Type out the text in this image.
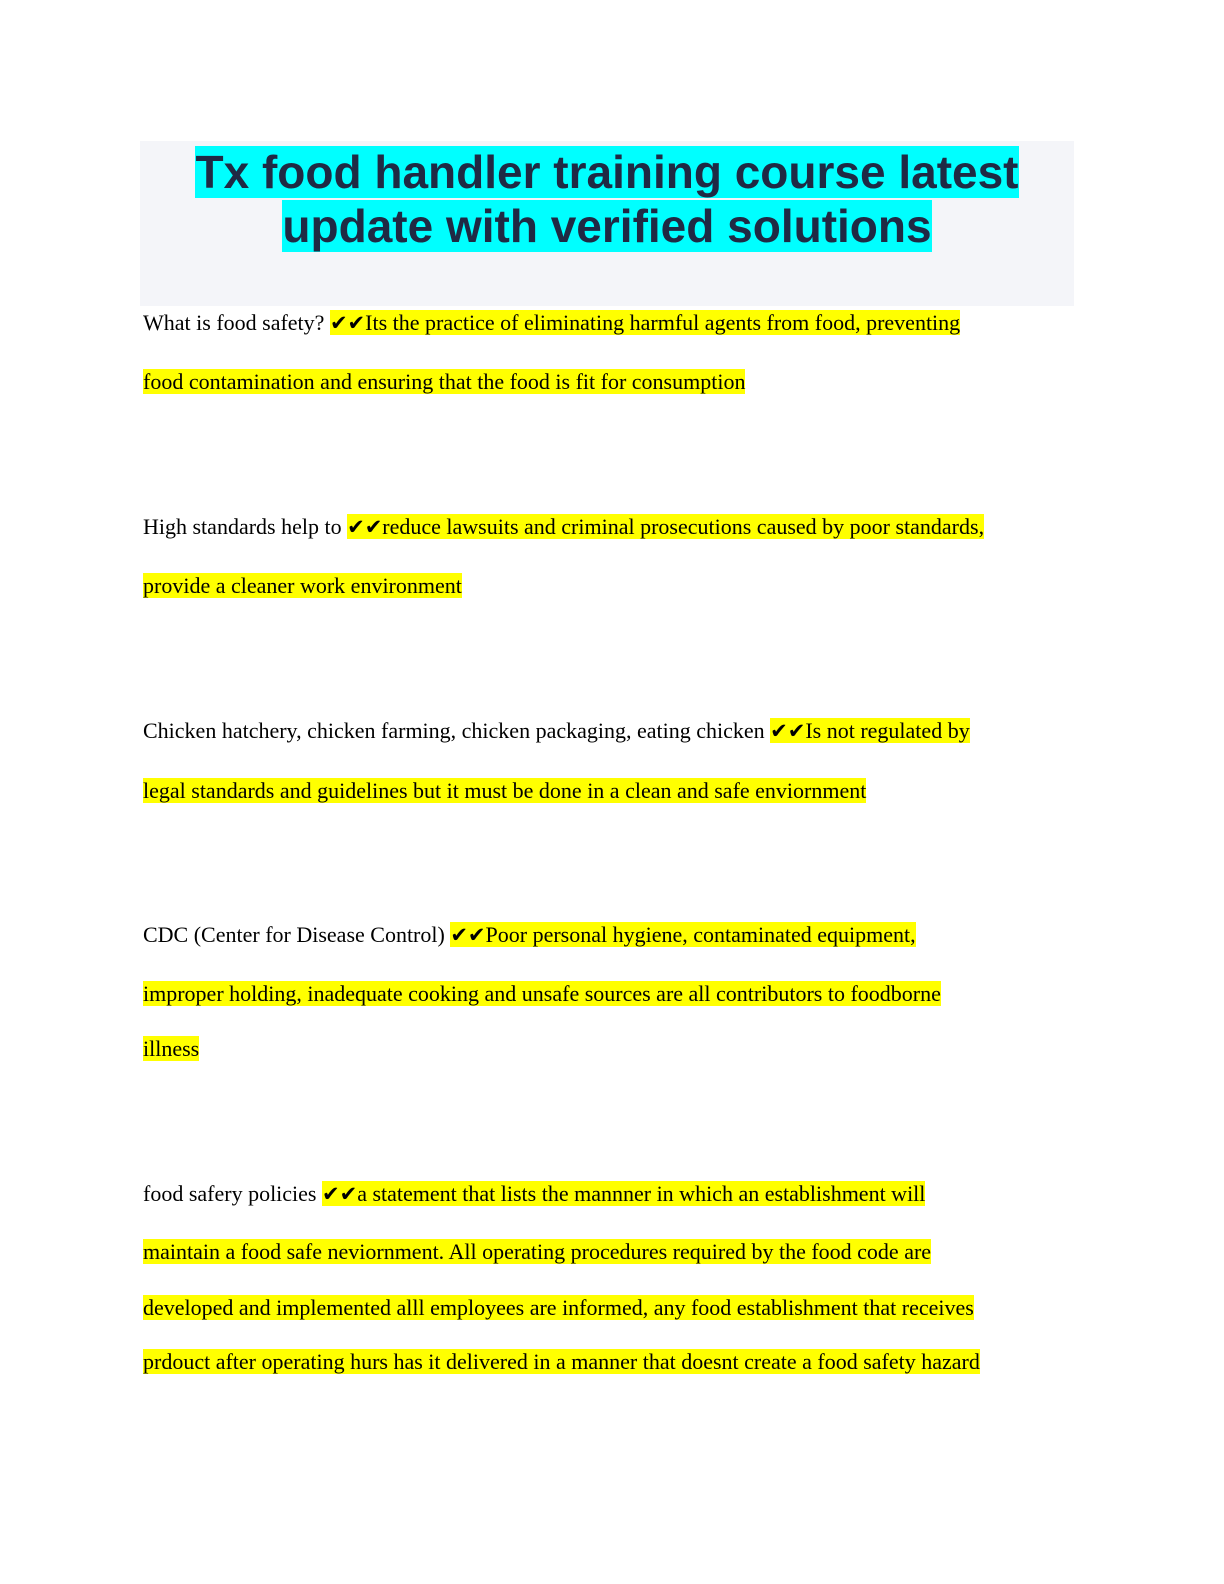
Tx food handler training course latest
update with verified solutions
What is food safety? ✔✔Its the practice of eliminating harmful agents from food, preventing
food contamination and ensuring that the food is fit for consumption
High standards help to ✔✔reduce lawsuits and criminal prosecutions caused by poor standards,
provide a cleaner work environment
Chicken hatchery, chicken farming, chicken packaging, eating chicken ✔✔Is not regulated by
legal standards and guidelines but it must be done in a clean and safe enviornment
CDC (Center for Disease Control) ✔✔Poor personal hygiene, contaminated equipment,
improper holding, inadequate cooking and unsafe sources are all contributors to foodborne
illness
food safery policies ✔✔a statement that lists the mannner in which an establishment will
maintain a food safe neviornment. All operating procedures required by the food code are
developed and implemented alll employees are informed, any food establishment that receives
prdouct after operating hurs has it delivered in a manner that doesnt create a food safety hazard
